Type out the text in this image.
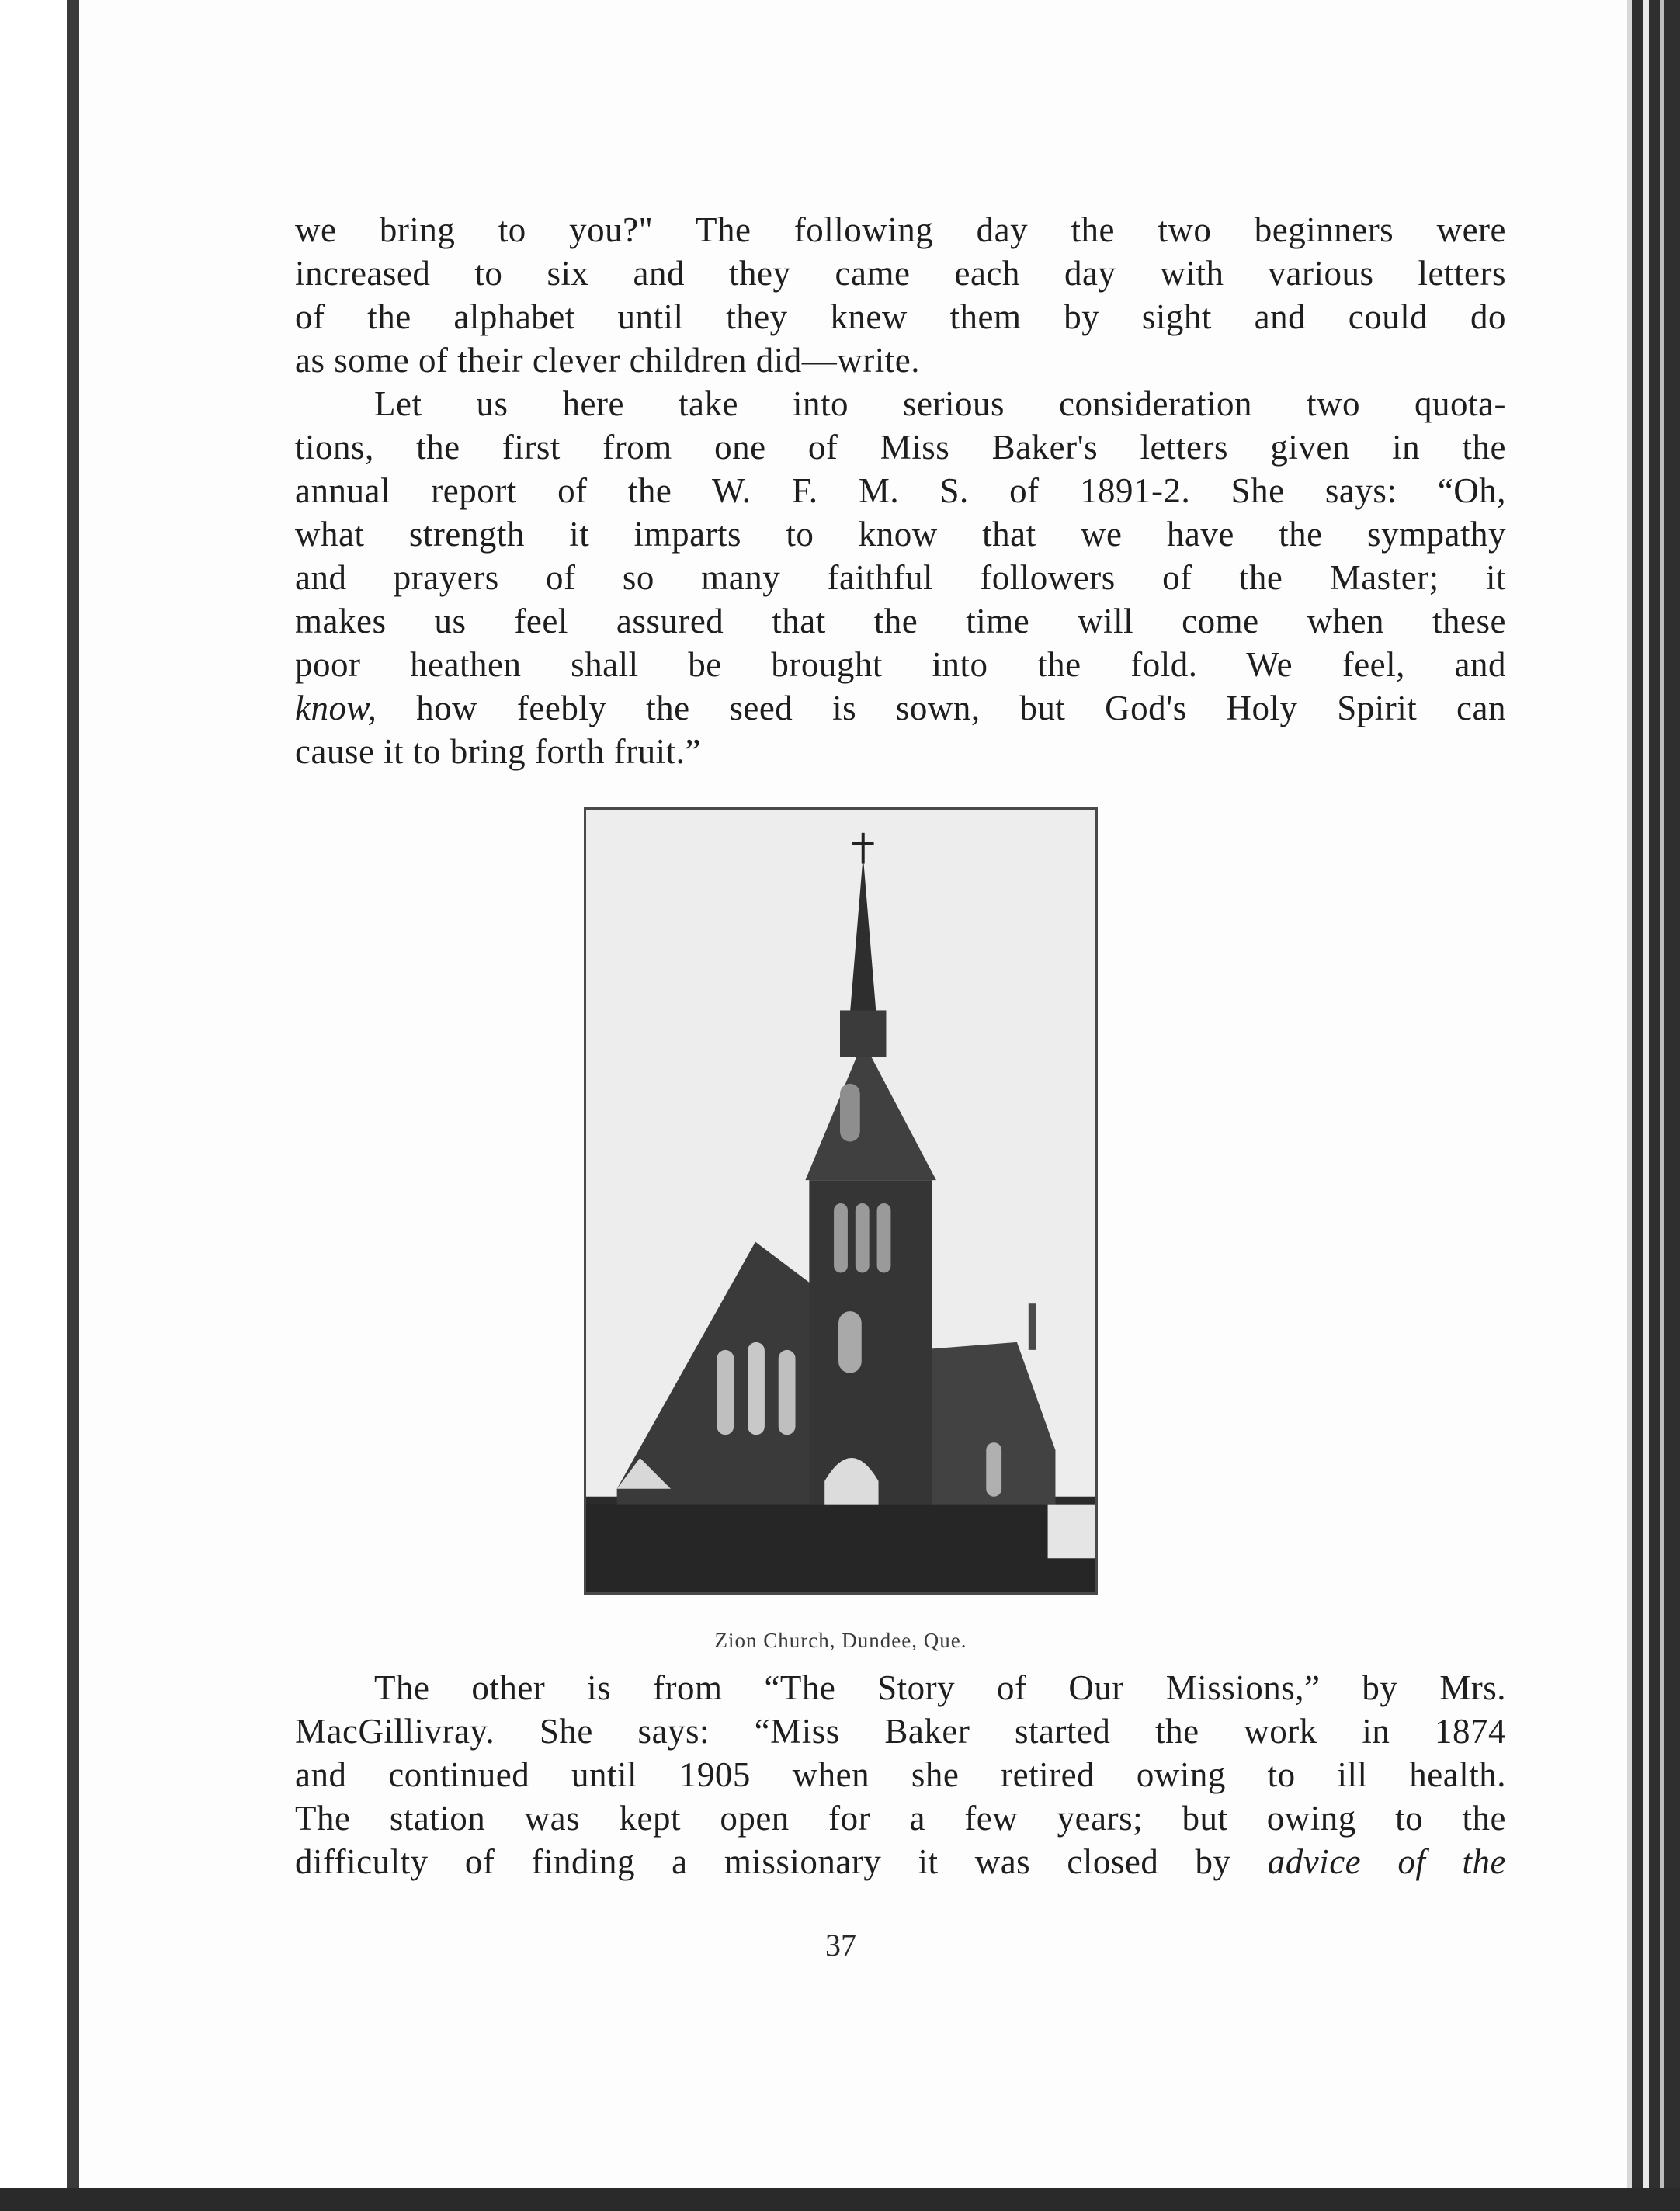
we bring to you?" The following day the two beginners were
increased to six and they came each day with various letters
of the alphabet until they knew them by sight and could do
as some of their clever children did—write.
Let us here take into serious consideration two quota-
tions, the first from one of Miss Baker's letters given in the
annual report of the W. F. M. S. of 1891-2. She says: “Oh,
what strength it imparts to know that we have the sympathy
and prayers of so many faithful followers of the Master; it
makes us feel assured that the time will come when these
poor heathen shall be brought into the fold. We feel, and
know, how feebly the seed is sown, but God's Holy Spirit can
cause it to bring forth fruit.”
Zion Church, Dundee, Que.
The other is from “The Story of Our Missions,” by Mrs.
MacGillivray. She says: “Miss Baker started the work in 1874
and continued until 1905 when she retired owing to ill health.
The station was kept open for a few years; but owing to the
difficulty of finding a missionary it was closed by advice of the
37
